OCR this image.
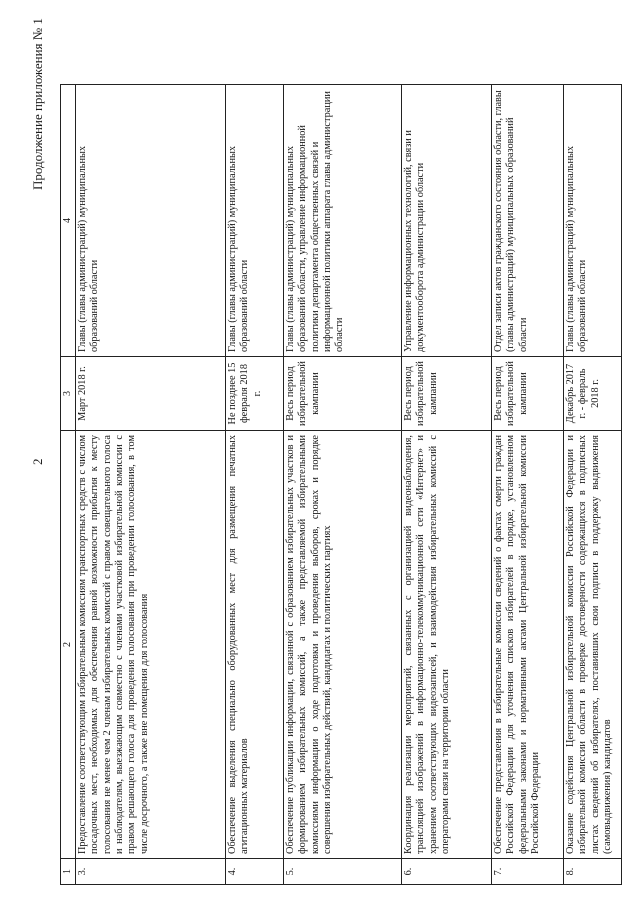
2
Продолжение приложения № 1
1	2	3	4
3.	Предоставление соответствующим избирательным комиссиям транспортных средств с числом посадочных мест, необходимых для обеспечения равной возможности прибытия к месту голосования не менее чем 2 членам избирательных комиссий с правом совещательного голоса и наблюдателям, выезжающим совместно с членами участковой избирательной комиссии с правом решающего голоса для проведения голосования при проведении голосования, в том числе досрочного, а также вне помещения для голосования	Март 2018 г.	Главы (главы администраций) муниципальных образований области
4.	Обеспечение выделения специально оборудованных мест для размещения печатных агитационных материалов	Не позднее 15 февраля 2018 г.	Главы (главы администраций) муниципальных образований области
5.	Обеспечение публикации информации, связанной с образованием избирательных участков и формированием избирательных комиссий, а также представляемой избирательными комиссиями информации о ходе подготовки и проведения выборов, сроках и порядке совершения избирательных действий, кандидатах и политических партиях	Весь период избирательной кампании	Главы (главы администраций) муниципальных образований области, управление информационной политики департамента общественных связей и информационной политики аппарата главы администрации области
6.	Координация реализации мероприятий, связанных с организацией видеонаблюдения, трансляцией изображений в информационно-телекоммуникационной сети «Интернет» и хранением соответствующих видеозаписей, и взаимодействия избирательных комиссий с операторами связи на территории области	Весь период избирательной кампании	Управление информационных технологий, связи и документооборота администрации области
7.	Обеспечение представления в избирательные комиссии сведений о фактах смерти граждан Российской Федерации для уточнения списков избирателей в порядке, установленном федеральными законами и нормативными актами Центральной избирательной комиссии Российской Федерации	Весь период избирательной кампании	Отдел записи актов гражданского состояния области, главы (главы администраций) муниципальных образований области
8.	Оказание содействия Центральной избирательной комиссии Российской Федерации и избирательной комиссии области в проверке достоверности содержащихся в подписных листах сведений об избирателях, поставивших свои подписи в поддержку выдвижения (самовыдвижения) кандидатов	Декабрь 2017 г. - февраль 2018 г.	Главы (главы администраций) муниципальных образований области
